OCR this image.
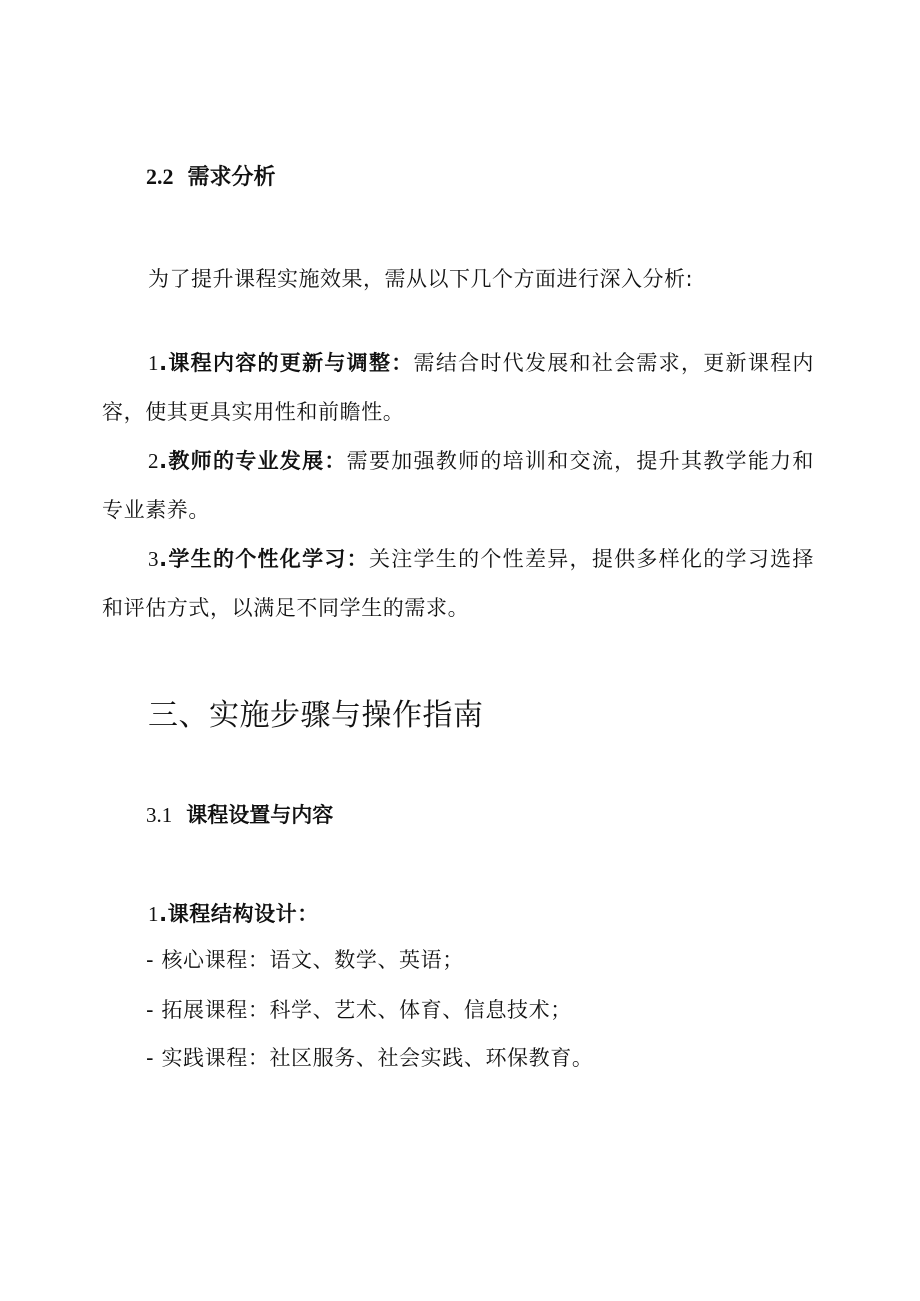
2.2 需求分析
为了提升课程实施效果，需从以下几个方面进行深入分析:
1.课程内容的更新与调整：需结合时代发展和社会需求，更新课程内容，使其更具实用性和前瞻性。
2.教师的专业发展：需要加强教师的培训和交流，提升其教学能力和专业素养。
3.学生的个性化学习：关注学生的个性差异，提供多样化的学习选择和评估方式，以满足不同学生的需求。
三、实施步骤与操作指南
3.1 课程设置与内容
1.课程结构设计：
- 核心课程：语文、数学、英语；
- 拓展课程：科学、艺术、体育、信息技术；
- 实践课程：社区服务、社会实践、环保教育。
